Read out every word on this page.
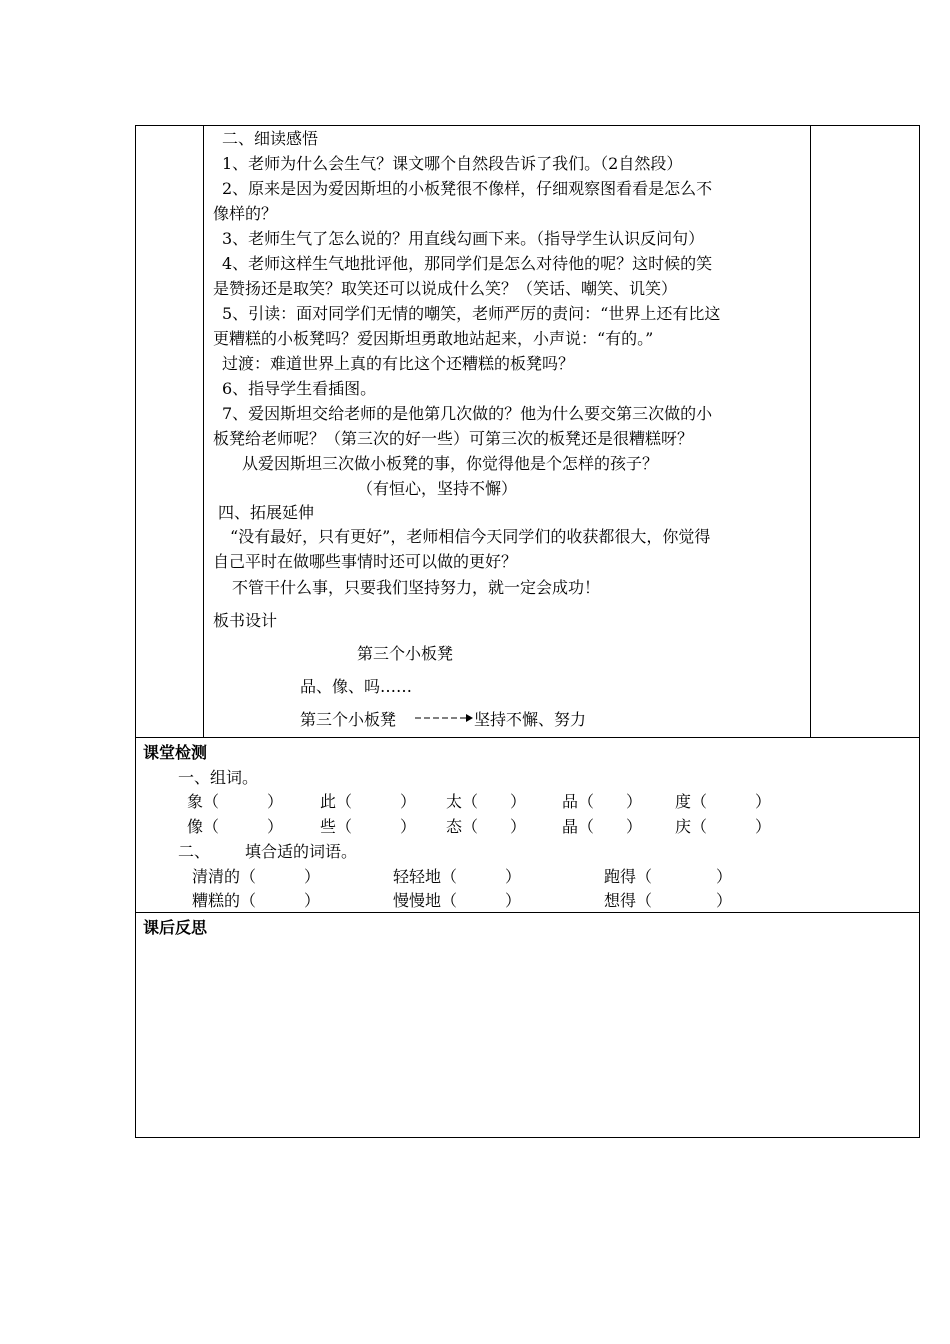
二、细读感悟
1、老师为什么会生气？课文哪个自然段告诉了我们。（2自然段）
2、原来是因为爱因斯坦的小板凳很不像样，仔细观察图看看是怎么不
像样的？
3、老师生气了怎么说的？用直线勾画下来。（指导学生认识反问句）
4、老师这样生气地批评他，那同学们是怎么对待他的呢？这时候的笑
是赞扬还是取笑？取笑还可以说成什么笑？（笑话、嘲笑、讥笑）
5、引读：面对同学们无情的嘲笑，老师严厉的责问：“世界上还有比这
更糟糕的小板凳吗？爱因斯坦勇敢地站起来，小声说：“有的。”
过渡：难道世界上真的有比这个还糟糕的板凳吗？
6、指导学生看插图。
7、爱因斯坦交给老师的是他第几次做的？他为什么要交第三次做的小
板凳给老师呢？（第三次的好一些）可第三次的板凳还是很糟糕呀？
从爱因斯坦三次做小板凳的事，你觉得他是个怎样的孩子？
（有恒心，坚持不懈）
四、拓展延伸
“没有最好，只有更好”，老师相信今天同学们的收获都很大，你觉得
自己平时在做哪些事情时还可以做的更好？
不管干什么事，只要我们坚持努力，就一定会成功！
板书设计
第三个小板凳
品、像、吗……
第三个小板凳	坚持不懈、努力
课堂检测
一、组词。
象（　　　） 此（　　　） 太（　　） 品（　　） 度（　　　）
像（　　　） 些（　　　） 态（　　） 晶（　　） 庆（　　　）
二、 填合适的词语。
清清的（　　　）	轻轻地（　　　）	跑得（　　　　）
糟糕的（　　　）	慢慢地（　　　）	想得（　　　　）
课后反思
